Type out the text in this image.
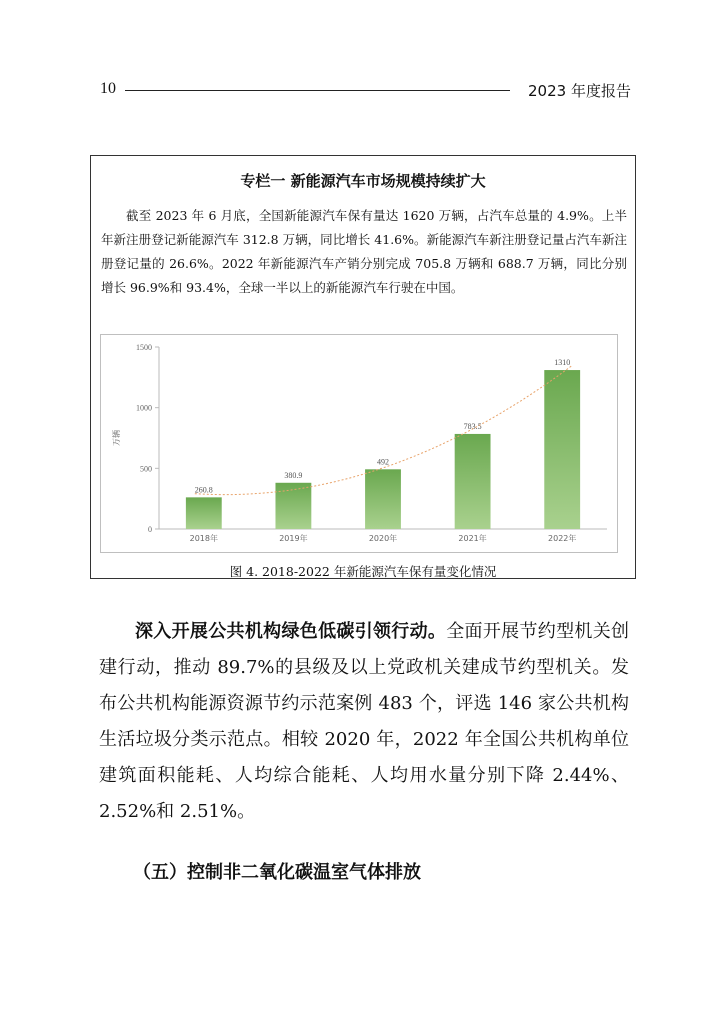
10	2023 年度报告
专栏一 新能源汽车市场规模持续扩大

截至 2023 年 6 月底，全国新能源汽车保有量达 1620 万辆，占汽车总量的 4.9%。上半年新注册登记新能源汽车 312.8 万辆，同比增长 41.6%。新能源汽车新注册登记量占汽车新注册登记量的 26.6%。2022 年新能源汽车产销分别完成 705.8 万辆和 688.7 万辆，同比分别增长 96.9%和 93.4%，全球一半以上的新能源汽车行驶在中国。

0
500
1000
1500
万辆
260.8
2018年
380.9
2019年
492
2020年
783.5
2021年
1310
2022年
图 4. 2018-2022 年新能源汽车保有量变化情况

深入开展公共机构绿色低碳引领行动。全面开展节约型机关创建行动，推动 89.7%的县级及以上党政机关建成节约型机关。发布公共机构能源资源节约示范案例 483 个，评选 146 家公共机构生活垃圾分类示范点。相较 2020 年，2022 年全国公共机构单位建筑面积能耗、人均综合能耗、人均用水量分别下降 2.44%、2.52%和 2.51%。

（五）控制非二氧化碳温室气体排放
